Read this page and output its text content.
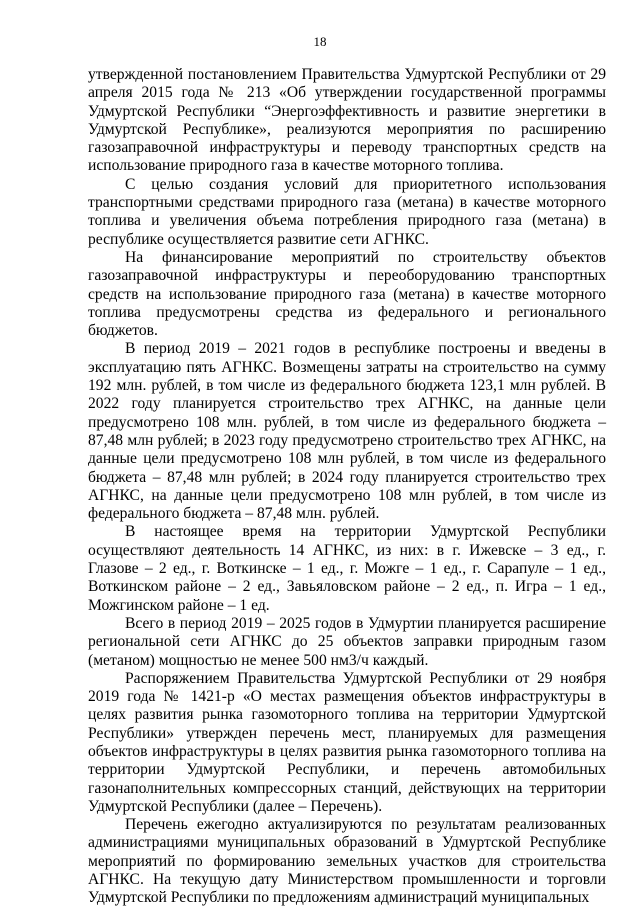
18

утвержденной постановлением Правительства Удмуртской Республики от 29 апреля 2015 года № 213 «Об утверждении государственной программы Удмуртской Республики “Энергоэффективность и развитие энергетики в Удмуртской Республике», реализуются мероприятия по расширению газозаправочной инфраструктуры и переводу транспортных средств на использование природного газа в качестве моторного топлива.

С целью создания условий для приоритетного использования транспортными средствами природного газа (метана) в качестве моторного топлива и увеличения объема потребления природного газа (метана) в республике осуществляется развитие сети АГНКС.

На финансирование мероприятий по строительству объектов газозаправочной инфраструктуры и переоборудованию транспортных средств на использование природного газа (метана) в качестве моторного топлива предусмотрены средства из федерального и регионального бюджетов.

В период 2019 – 2021 годов в республике построены и введены в эксплуатацию пять АГНКС. Возмещены затраты на строительство на сумму 192 млн. рублей, в том числе из федерального бюджета 123,1 млн рублей. В 2022 году планируется строительство трех АГНКС, на данные цели предусмотрено 108 млн. рублей, в том числе из федерального бюджета – 87,48 млн рублей; в 2023 году предусмотрено строительство трех АГНКС, на данные цели предусмотрено 108 млн рублей, в том числе из федерального бюджета – 87,48 млн рублей; в 2024 году планируется строительство трех АГНКС, на данные цели предусмотрено 108 млн рублей, в том числе из федерального бюджета – 87,48 млн. рублей.

В настоящее время на территории Удмуртской Республики осуществляют деятельность 14 АГНКС, из них: в г. Ижевске – 3 ед., г. Глазове – 2 ед., г. Воткинске – 1 ед., г. Можге – 1 ед., г. Сарапуле – 1 ед., Воткинском районе – 2 ед., Завьяловском районе – 2 ед., п. Игра – 1 ед., Можгинском районе – 1 ед.

Всего в период 2019 – 2025 годов в Удмуртии планируется расширение региональной сети АГНКС до 25 объектов заправки природным газом (метаном) мощностью не менее 500 нм3/ч каждый.

Распоряжением Правительства Удмуртской Республики от 29 ноября 2019 года № 1421-р «О местах размещения объектов инфраструктуры в целях развития рынка газомоторного топлива на территории Удмуртской Республики» утвержден перечень мест, планируемых для размещения объектов инфраструктуры в целях развития рынка газомоторного топлива на территории Удмуртской Республики, и перечень автомобильных газонаполнительных компрессорных станций, действующих на территории Удмуртской Республики (далее – Перечень).

Перечень ежегодно актуализируются по результатам реализованных администрациями муниципальных образований в Удмуртской Республике мероприятий по формированию земельных участков для строительства АГНКС. На текущую дату Министерством промышленности и торговли Удмуртской Республики по предложениям администраций муниципальных
